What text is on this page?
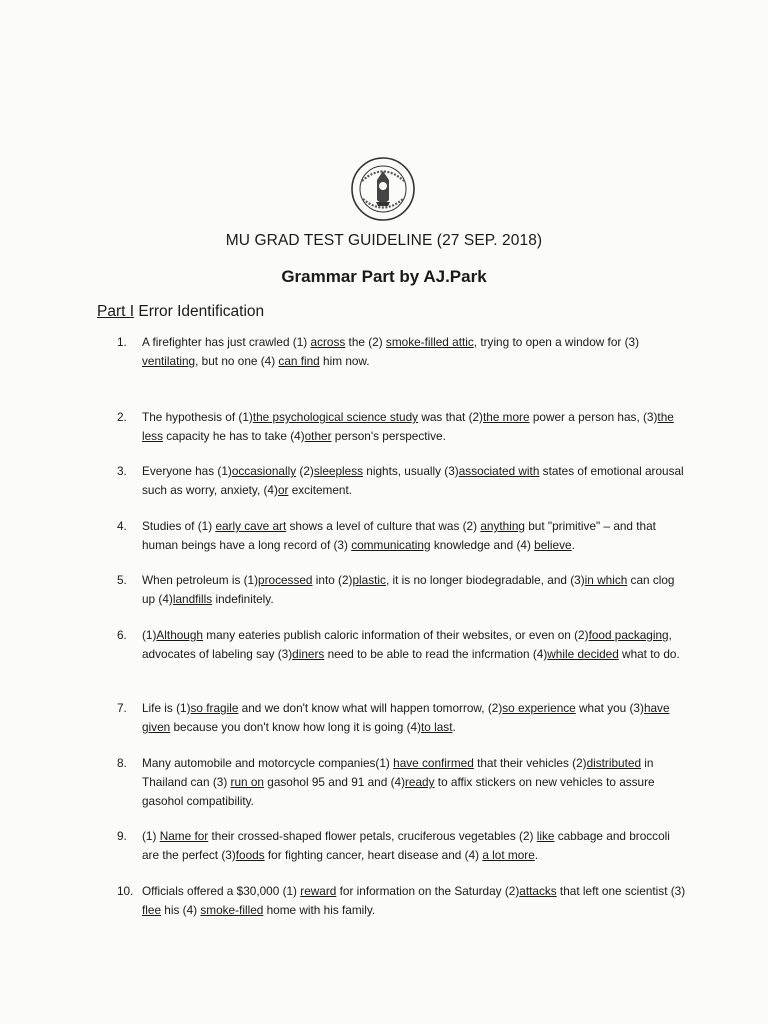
MU GRAD TEST GUIDELINE (27 SEP. 2018)
Grammar Part by AJ.Park
Part I Error Identification
1.	A firefighter has just crawled (1) across the (2) smoke-filled attic, trying to open a window for (3) ventilating, but no one (4) can find him now.
2.	The hypothesis of (1)the psychological science study was that (2)the more power a person has, (3)the less capacity he has to take (4)other person's perspective.
3.	Everyone has (1)occasionally (2)sleepless nights, usually (3)associated with states of emotional arousal such as worry, anxiety, (4)or excitement.
4.	Studies of (1) early cave art shows a level of culture that was (2) anything but "primitive" – and that human beings have a long record of (3) communicating knowledge and (4) believe.
5.	When petroleum is (1)processed into (2)plastic, it is no longer biodegradable, and (3)in which can clog up (4)landfills indefinitely.
6.	(1)Although many eateries publish caloric information of their websites, or even on (2)food packaging, advocates of labeling say (3)diners need to be able to read the infcrmation (4)while decided what to do.
7.	Life is (1)so fragile and we don't know what will happen tomorrow, (2)so experience what you (3)have given because you don't know how long it is going (4)to last.
8.	Many automobile and motorcycle companies(1) have confirmed that their vehicles (2)distributed in Thailand can (3) run on gasohol 95 and 91 and (4)ready to affix stickers on new vehicles to assure gasohol compatibility.
9.	(1) Name for their crossed-shaped flower petals, cruciferous vegetables (2) like cabbage and broccoli are the perfect (3)foods for fighting cancer, heart disease and (4) a lot more.
10. Officials offered a $30,000 (1) reward for information on the Saturday (2)attacks that left one scientist (3) flee his (4) smoke-filled home with his family.
